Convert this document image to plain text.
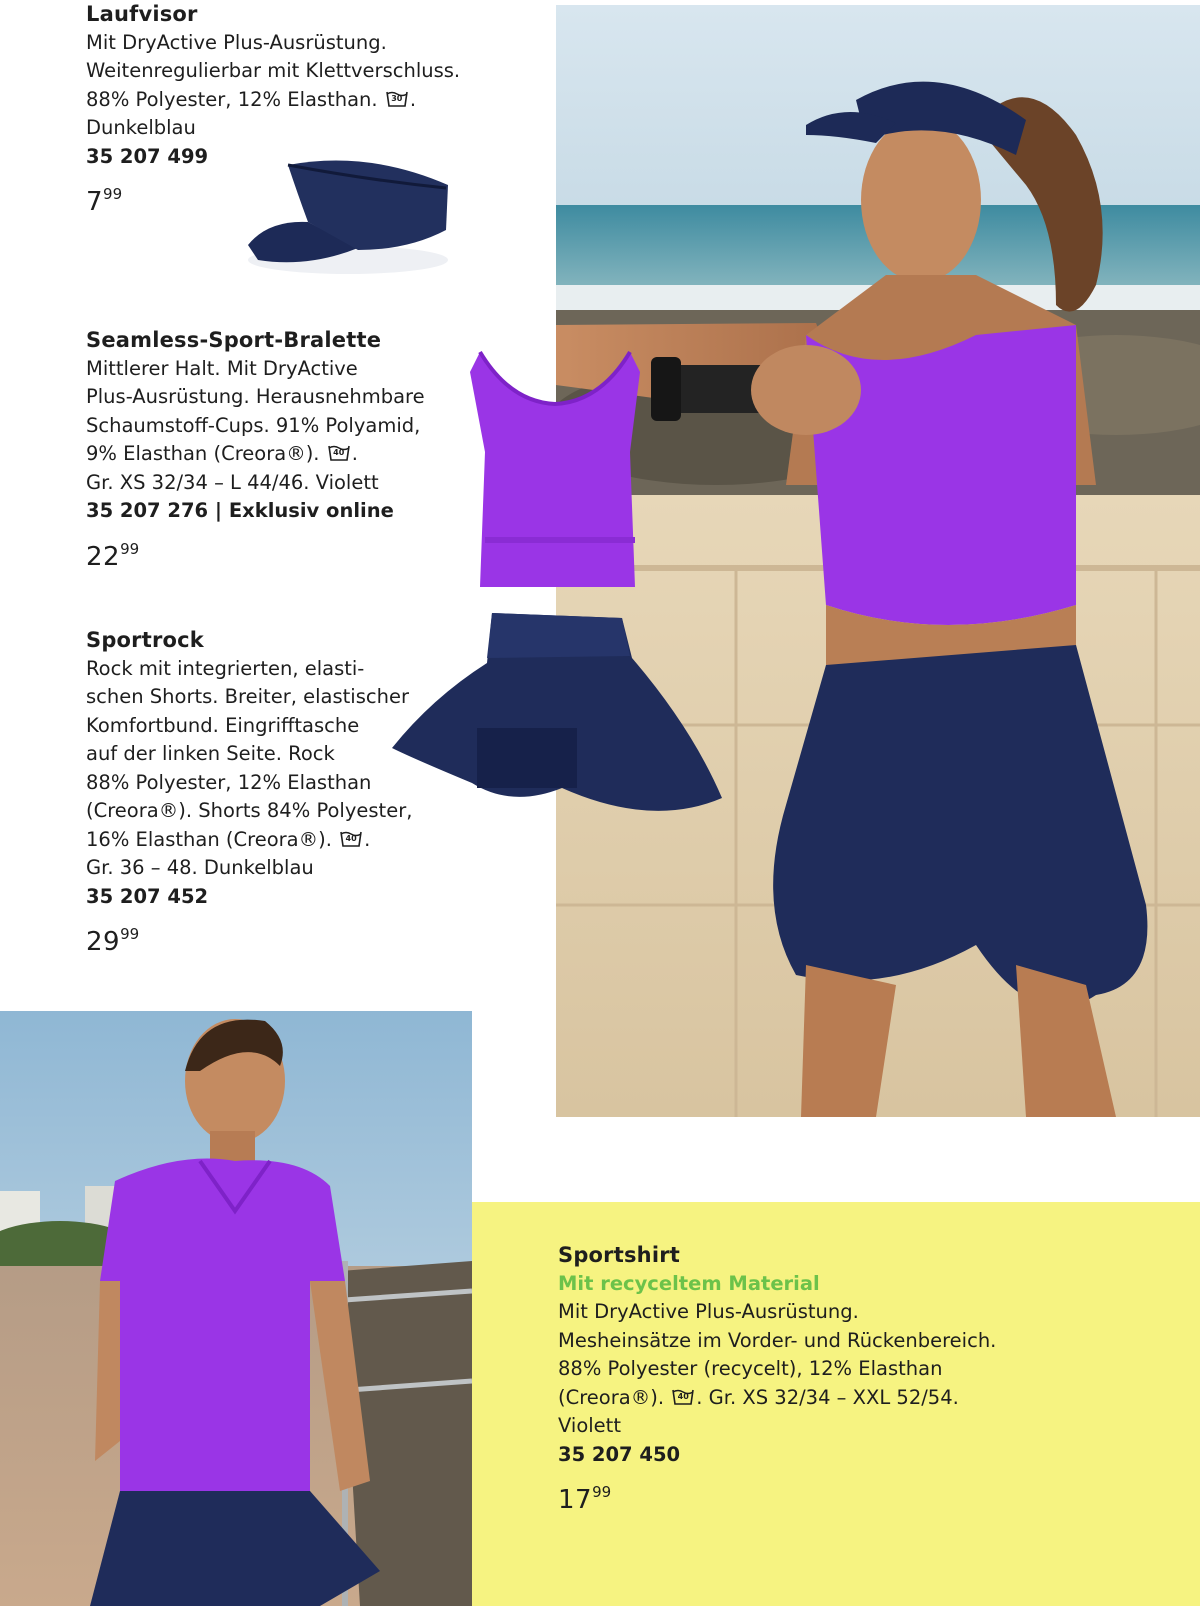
Laufvisor
Mit DryActive Plus-Ausrüstung.
Weitenregulierbar mit Klettverschluss.
88% Polyester, 12% Elasthan.	30 .
Dunkelblau
35 207 499
$7^{99}$
Seamless-Sport-Bralette
Mittlerer Halt. Mit DryActive
Plus-Ausrüstung. Herausnehmbare
Schaumstoff-Cups. 91% Polyamid,
9% Elasthan (Creora®).	40 .
Gr. XS 32/34 – L 44/46. Violett
35 207 276 | Exklusiv online
$22^{99}$
Sportrock
Rock mit integrierten, elasti-
schen Shorts. Breiter, elastischer
Komfortbund. Eingrifftasche
auf der linken Seite. Rock
88% Polyester, 12% Elasthan
(Creora®). Shorts 84% Polyester,
16% Elasthan (Creora®).	40 .
Gr. 36 – 48. Dunkelblau
35 207 452
$29^{99}$
Sportshirt
Mit recyceltem Material
Mit DryActive Plus-Ausrüstung.
Mesheinsätze im Vorder- und Rückenbereich.
88% Polyester (recycelt), 12% Elasthan
(Creora®).	40 . Gr. XS 32/34 – XXL 52/54.
Violett
35 207 450
$17^{99}$
